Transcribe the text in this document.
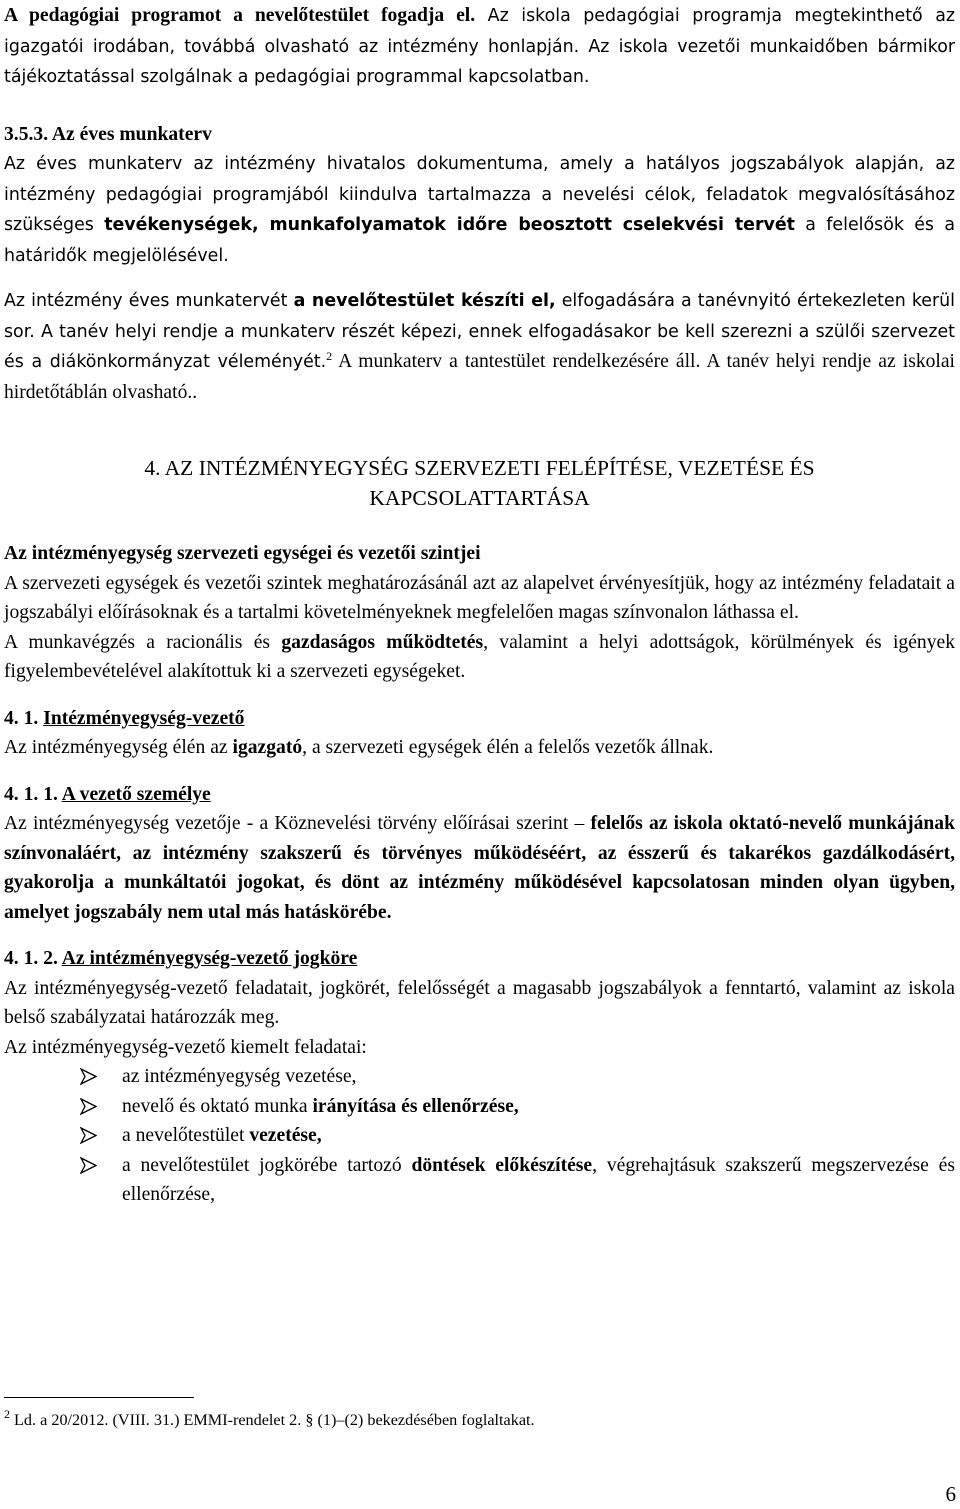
A pedagógiai programot a nevelőtestület fogadja el. Az iskola pedagógiai programja megtekinthető az igazgatói irodában, továbbá olvasható az intézmény honlapján. Az iskola vezetői munkaidőben bármikor tájékoztatással szolgálnak a pedagógiai programmal kapcsolatban.

3.5.3. Az éves munkaterv

Az éves munkaterv az intézmény hivatalos dokumentuma, amely a hatályos jogszabályok alapján, az intézmény pedagógiai programjából kiindulva tartalmazza a nevelési célok, feladatok megvalósításához szükséges tevékenységek, munkafolyamatok időre beosztott cselekvési tervét a felelősök és a határidők megjelölésével.

Az intézmény éves munkatervét a nevelőtestület készíti el, elfogadására a tanévnyitó értekezleten kerül sor. A tanév helyi rendje a munkaterv részét képezi, ennek elfogadásakor be kell szerezni a szülői szervezet és a diákönkormányzat véleményét.$^2$ A munkaterv a tantestület rendelkezésére áll. A tanév helyi rendje az iskolai hirdetőtáblán olvasható..

4. AZ INTÉZMÉNYEGYSÉG SZERVEZETI FELÉPÍTÉSE, VEZETÉSE ÉS

KAPCSOLATTARTÁSA

Az intézményegység szervezeti egységei és vezetői szintjei

A szervezeti egységek és vezetői szintek meghatározásánál azt az alapelvet érvényesítjük, hogy az intézmény feladatait a jogszabályi előírásoknak és a tartalmi követelményeknek megfelelően magas színvonalon láthassa el.

A munkavégzés a racionális és gazdaságos működtetés, valamint a helyi adottságok, körülmények és igények figyelembevételével alakítottuk ki a szervezeti egységeket.

4. 1. Intézményegység-vezető

Az intézményegység élén az igazgató, a szervezeti egységek élén a felelős vezetők állnak.

4. 1. 1. A vezető személye

Az intézményegység vezetője - a Köznevelési törvény előírásai szerint – felelős az iskola oktató-nevelő munkájának színvonaláért, az intézmény szakszerű és törvényes működéséért, az ésszerű és takarékos gazdálkodásért, gyakorolja a munkáltatói jogokat, és dönt az intézmény működésével kapcsolatosan minden olyan ügyben, amelyet jogszabály nem utal más hatáskörébe.

4. 1. 2. Az intézményegység-vezető jogköre

Az intézményegység-vezető feladatait, jogkörét, felelősségét a magasabb jogszabályok a fenntartó, valamint az iskola belső szabályzatai határozzák meg.

Az intézményegység-vezető kiemelt feladatai:

az intézményegység vezetése,
nevelő és oktató munka irányítása és ellenőrzése,
a nevelőtestület vezetése,
a nevelőtestület jogkörébe tartozó döntések előkészítése, végrehajtásuk szakszerű megszervezése és ellenőrzése,
$^2$ Ld. a 20/2012. (VIII. 31.) EMMI-rendelet 2. § (1)–(2) bekezdésében foglaltakat.
6
